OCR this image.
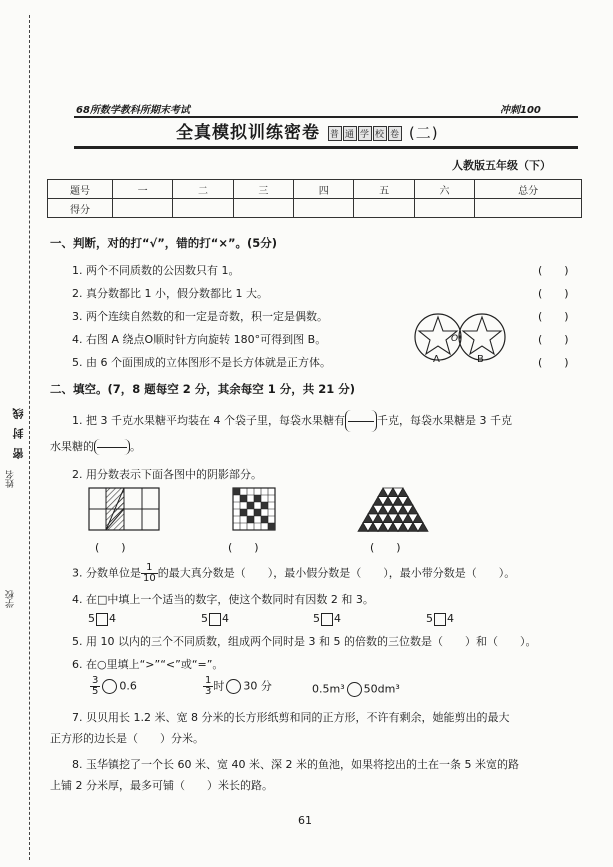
学校
姓名
线
封
密
68所数学教科所期末考试	冲刺100
全真模拟训练密卷 普 通 学 校 卷 (二)
人教版五年级（下）
题号	一	二	三	四	五	六	总分
得分							
一、判断，对的打“√”，错的打“×”。(5分)
1. 两个不同质数的公因数只有 1。
2. 真分数都比 1 小，假分数都比 1 大。
3. 两个连续自然数的和一定是奇数，积一定是偶数。
4. 右图 A 绕点O顺时针方向旋转 180°可得到图 B。
5. 由 6 个面围成的立体图形不是长方体就是正方体。
(　　)
(　　)
(　　)
(　　)
(　　)
A
O
B
二、填空。(7，8 题每空 2 分，其余每空 1 分，共 21 分)
1. 把 3 千克水果糖平均装在 4 个袋子里，每袋水果糖有	千克，每袋水果糖是 3 千克
水果糖的	。
2. 用分数表示下面各图中的阴影部分。
(　　)	(　　)	(　　)
3. 分数单位是 $\frac{1}{10}$ 的最大真分数是（　　），最小假分数是（　　），最小带分数是（　　）。
4. 在□中填上一个适当的数字，使这个数同时有因数 2 和 3。
5 4	5 4	5 4	5 4
5. 用 10 以内的三个不同质数，组成两个同时是 3 和 5 的倍数的三位数是（　　）和（　　）。
6. 在○里填上“>”“<”或“=”。
$\frac{3}{5} 0.6$	$\frac{1}{3}$ 时 30 分	0.5m³ 50dm³
7. 贝贝用长 1.2 米、宽 8 分米的长方形纸剪和同的正方形，不许有剩余，她能剪出的最大
正方形的边长是（　　）分米。
8. 玉华镇挖了一个长 60 米、宽 40 米、深 2 米的鱼池，如果将挖出的土在一条 5 米宽的路
上铺 2 分米厚，最多可铺（　　）米长的路。
61
